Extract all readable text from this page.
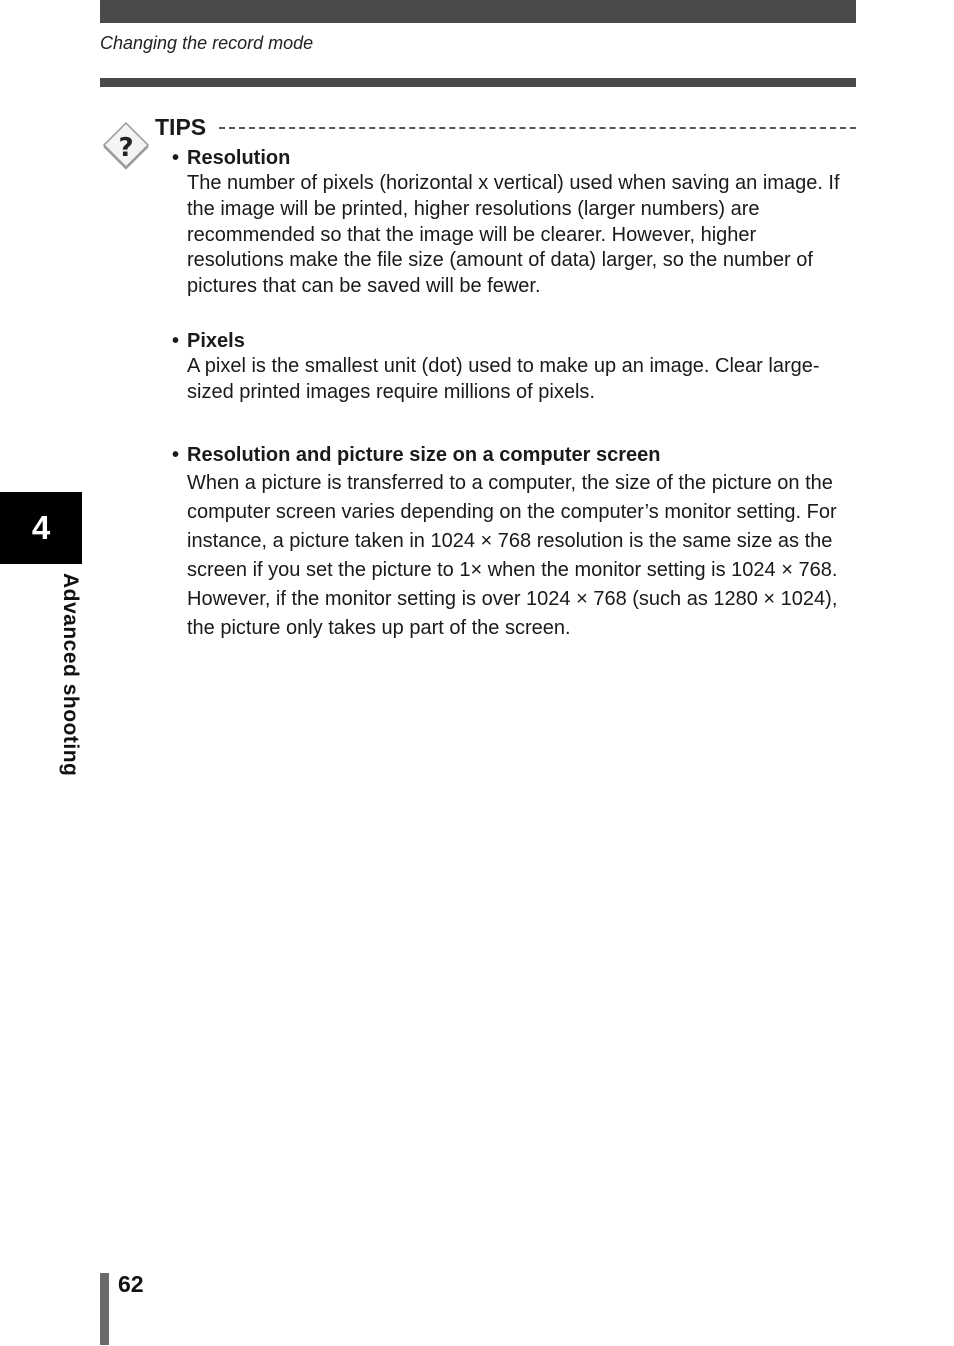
Changing the record mode
?
TIPS
• Resolution
The number of pixels (horizontal x vertical) used when saving an image. If the image will be printed, higher resolutions (larger numbers) are recommended so that the image will be clearer. However, higher resolutions make the file size (amount of data) larger, so the number of pictures that can be saved will be fewer.
• Pixels
A pixel is the smallest unit (dot) used to make up an image. Clear large-sized printed images require millions of pixels.
• Resolution and picture size on a computer screen
When a picture is transferred to a computer, the size of the picture on the computer screen varies depending on the computer’s monitor setting. For instance, a picture taken in 1024 × 768 resolution is the same size as the screen if you set the picture to 1× when the monitor setting is 1024 × 768. However, if the monitor setting is over 1024 × 768 (such as 1280 × 1024), the picture only takes up part of the screen.
4
Advanced shooting
62
